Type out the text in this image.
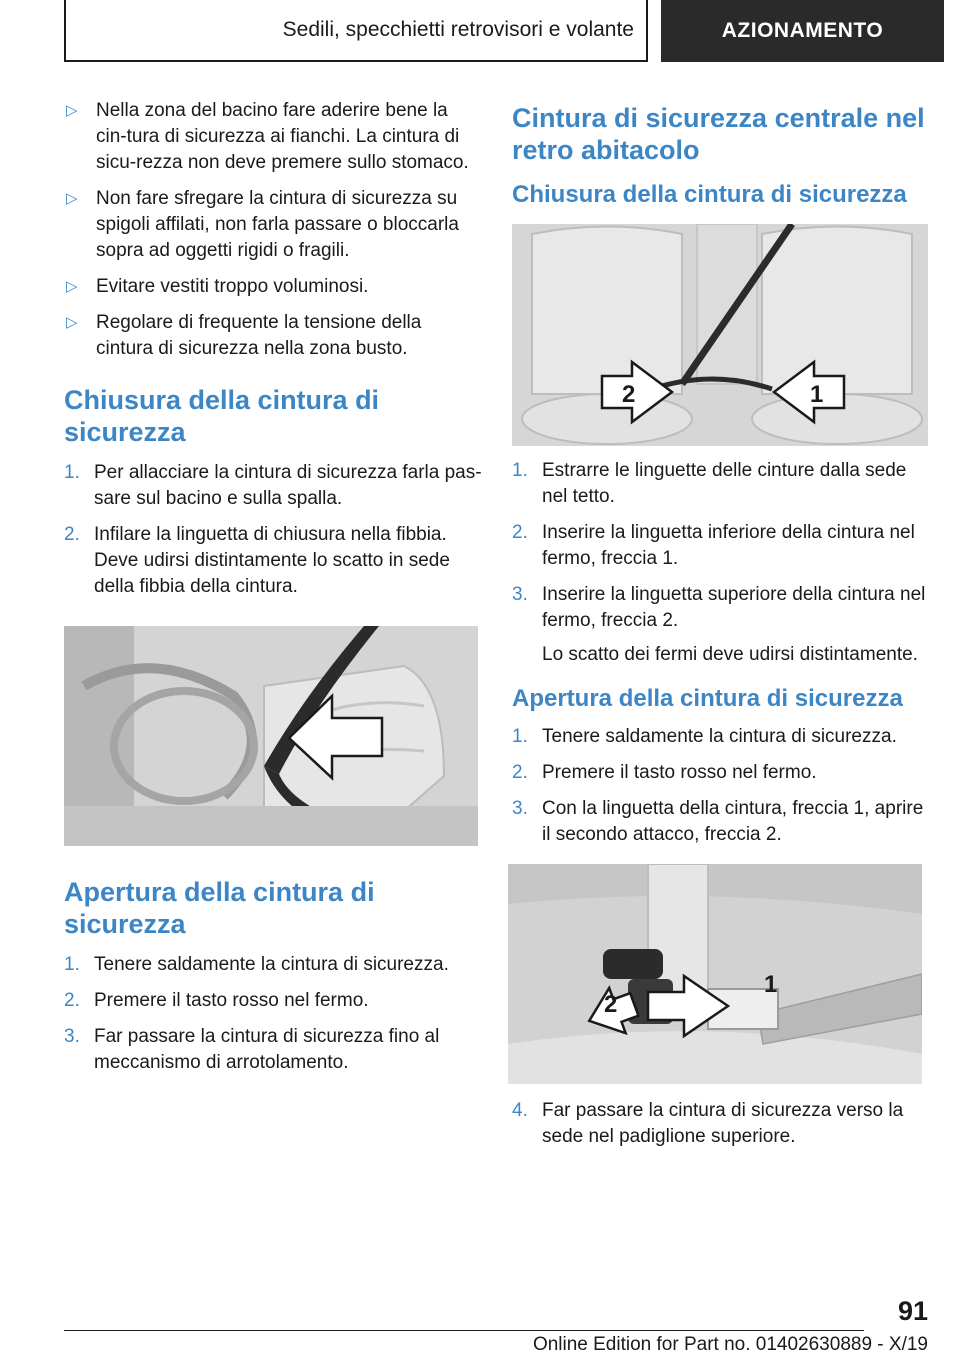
Sedili, specchietti retrovisori e volante	AZIONAMENTO
▷ Nella zona del bacino fare aderire bene la cin-tura di sicurezza ai fianchi. La cintura di sicu-rezza non deve premere sullo stomaco.
▷ Non fare sfregare la cintura di sicurezza su spigoli affilati, non farla passare o bloccarla sopra ad oggetti rigidi o fragili.
▷ Evitare vestiti troppo voluminosi.
▷ Regolare di frequente la tensione della cintura di sicurezza nella zona busto.
Chiusura della cintura di sicurezza
1. Per allacciare la cintura di sicurezza farla pas-sare sul bacino e sulla spalla.
2. Infilare la linguetta di chiusura nella fibbia. Deve udirsi distintamente lo scatto in sede della fibbia della cintura.
Apertura della cintura di sicurezza
1. Tenere saldamente la cintura di sicurezza.
2. Premere il tasto rosso nel fermo.
3. Far passare la cintura di sicurezza fino al meccanismo di arrotolamento.
Cintura di sicurezza centrale nel retro abitacolo
Chiusura della cintura di sicurezza
2	1
1. Estrarre le linguette delle cinture dalla sede nel tetto.
2. Inserire la linguetta inferiore della cintura nel fermo, freccia 1.
3. Inserire la linguetta superiore della cintura nel fermo, freccia 2.
Lo scatto dei fermi deve udirsi distintamente.
Apertura della cintura di sicurezza
1. Tenere saldamente la cintura di sicurezza.
2. Premere il tasto rosso nel fermo.
3. Con la linguetta della cintura, freccia 1, aprire il secondo attacco, freccia 2.
1
2
4. Far passare la cintura di sicurezza verso la sede nel padiglione superiore.
91
Online Edition for Part no. 01402630889 - X/19
